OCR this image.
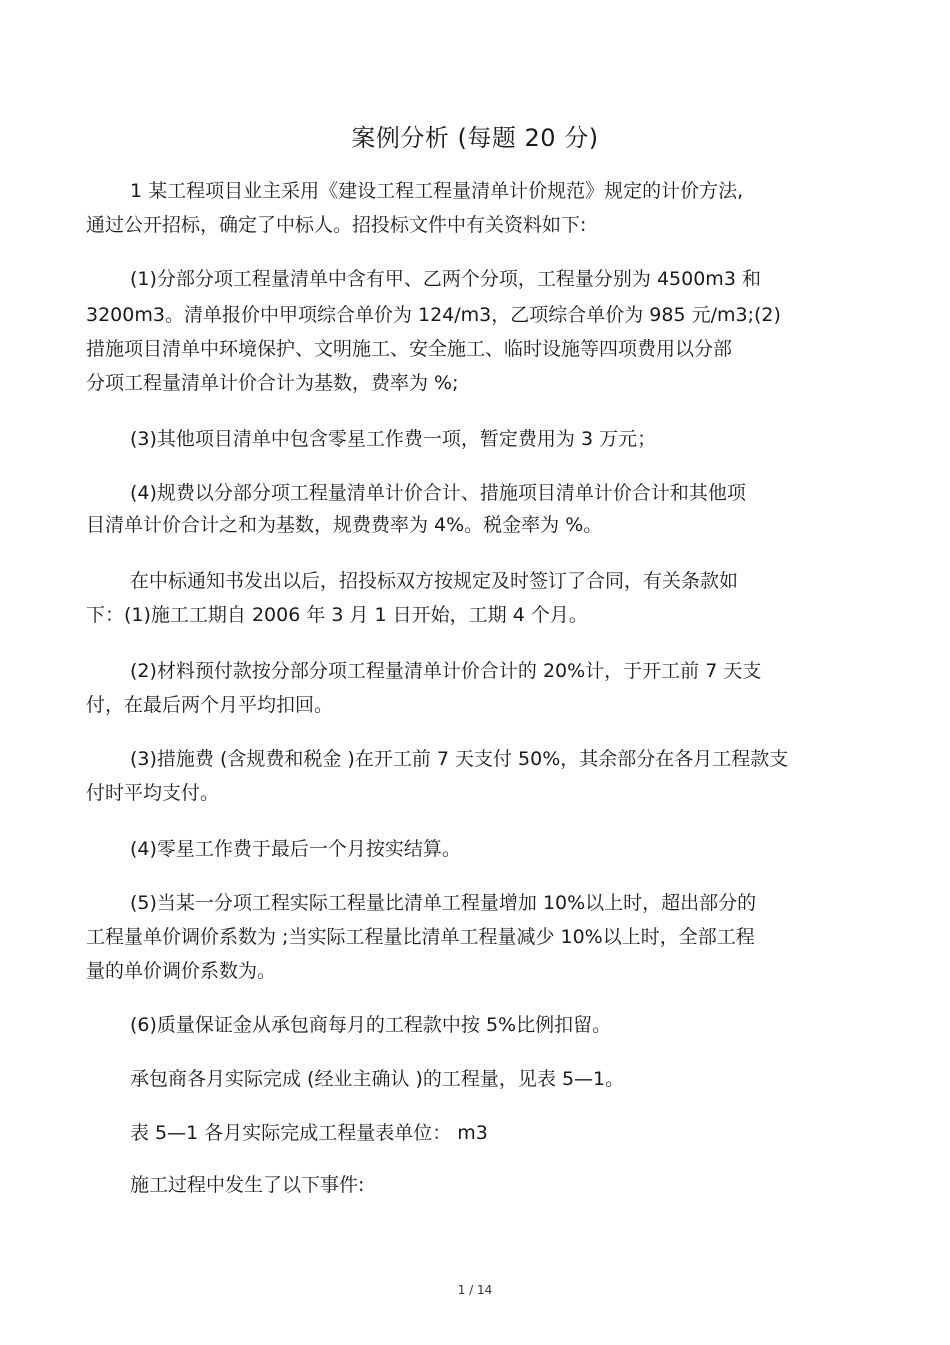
案例分析 (每题 20 分)
1 某工程项目业主采用《建设工程工程量清单计价规范》规定的计价方法,
通过公开招标，确定了中标人。招投标文件中有关资料如下:
(1)分部分项工程量清单中含有甲、乙两个分项，工程量分别为 4500m3 和
3200m3。清单报价中甲项综合单价为 124/m3，乙项综合单价为 985 元/m3;(2)
措施项目清单中环境保护、文明施工、安全施工、临时设施等四项费用以分部
分项工程量清单计价合计为基数，费率为 %;
(3)其他项目清单中包含零星工作费一项，暂定费用为 3 万元；
(4)规费以分部分项工程量清单计价合计、措施项目清单计价合计和其他项
目清单计价合计之和为基数，规费费率为 4%。税金率为 %。
在中标通知书发出以后，招投标双方按规定及时签订了合同，有关条款如
下：(1)施工工期自 2006 年 3 月 1 日开始，工期 4 个月。
(2)材料预付款按分部分项工程量清单计价合计的 20%计，于开工前 7 天支
付，在最后两个月平均扣回。
(3)措施费 (含规费和税金 )在开工前 7 天支付 50%，其余部分在各月工程款支
付时平均支付。
(4)零星工作费于最后一个月按实结算。
(5)当某一分项工程实际工程量比清单工程量增加 10%以上时，超出部分的
工程量单价调价系数为 ;当实际工程量比清单工程量减少 10%以上时，全部工程
量的单价调价系数为。
(6)质量保证金从承包商每月的工程款中按 5%比例扣留。
承包商各月实际完成 (经业主确认 )的工程量，见表 5—1。
表 5—1 各月实际完成工程量表单位： m3
施工过程中发生了以下事件:
1 / 14
